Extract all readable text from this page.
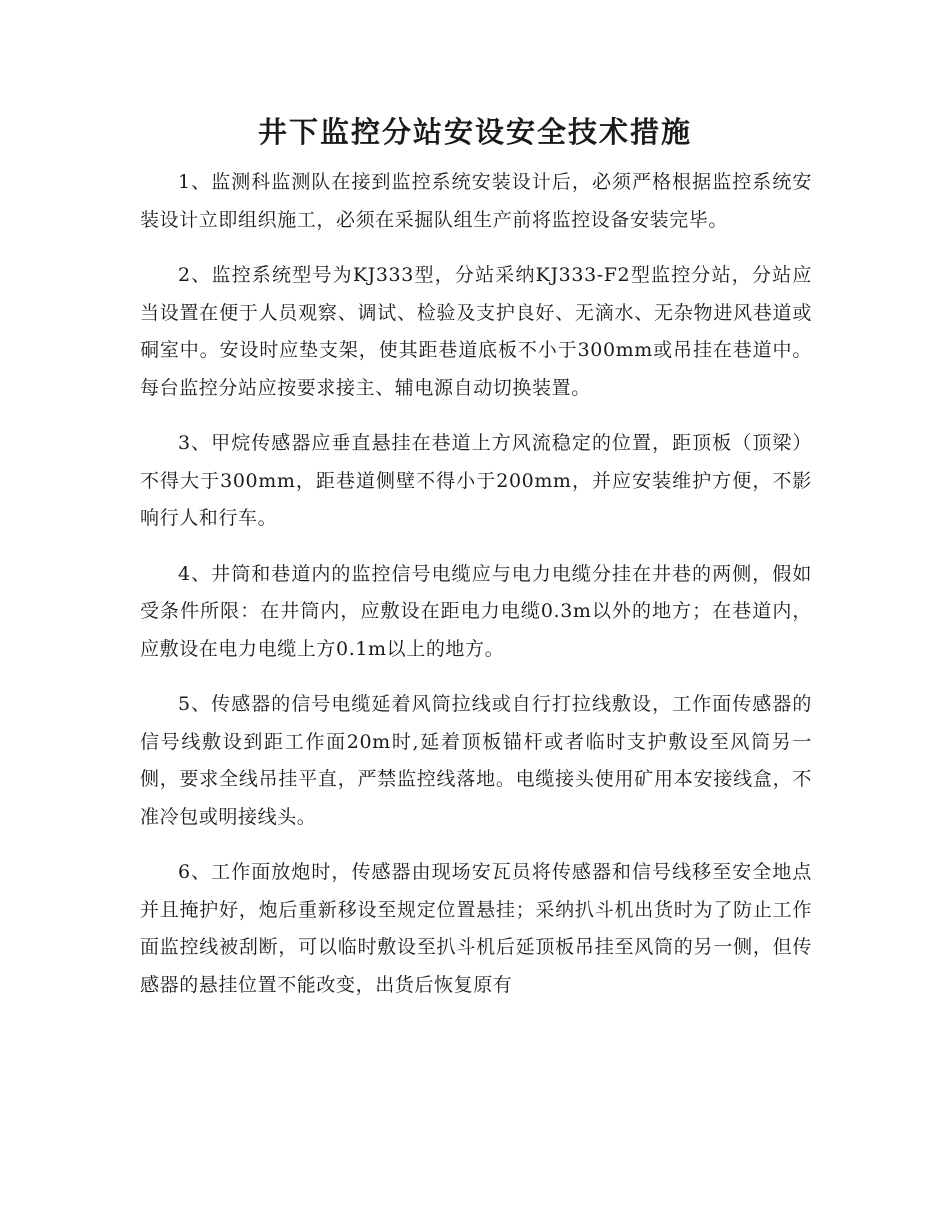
井下监控分站安设安全技术措施

1、监测科监测队在接到监控系统安装设计后，必须严格根据监控系统安装设计立即组织施工，必须在采掘队组生产前将监控设备安装完毕。

2、监控系统型号为KJ333型，分站采纳KJ333-F2型监控分站，分站应当设置在便于人员观察、调试、检验及支护良好、无滴水、无杂物进风巷道或硐室中。安设时应垫支架，使其距巷道底板不小于300mm或吊挂在巷道中。每台监控分站应按要求接主、辅电源自动切换装置。

3、甲烷传感器应垂直悬挂在巷道上方风流稳定的位置，距顶板（顶梁）不得大于300mm，距巷道侧壁不得小于200mm，并应安装维护方便，不影响行人和行车。

4、井筒和巷道内的监控信号电缆应与电力电缆分挂在井巷的两侧，假如受条件所限：在井筒内，应敷设在距电力电缆0.3m以外的地方；在巷道内，应敷设在电力电缆上方0.1m以上的地方。

5、传感器的信号电缆延着风筒拉线或自行打拉线敷设，工作面传感器的信号线敷设到距工作面20m时,延着顶板锚杆或者临时支护敷设至风筒另一侧，要求全线吊挂平直，严禁监控线落地。电缆接头使用矿用本安接线盒，不准冷包或明接线头。

6、工作面放炮时，传感器由现场安瓦员将传感器和信号线移至安全地点并且掩护好，炮后重新移设至规定位置悬挂；采纳扒斗机出货时为了防止工作面监控线被刮断，可以临时敷设至扒斗机后延顶板吊挂至风筒的另一侧，但传感器的悬挂位置不能改变，出货后恢复原有
